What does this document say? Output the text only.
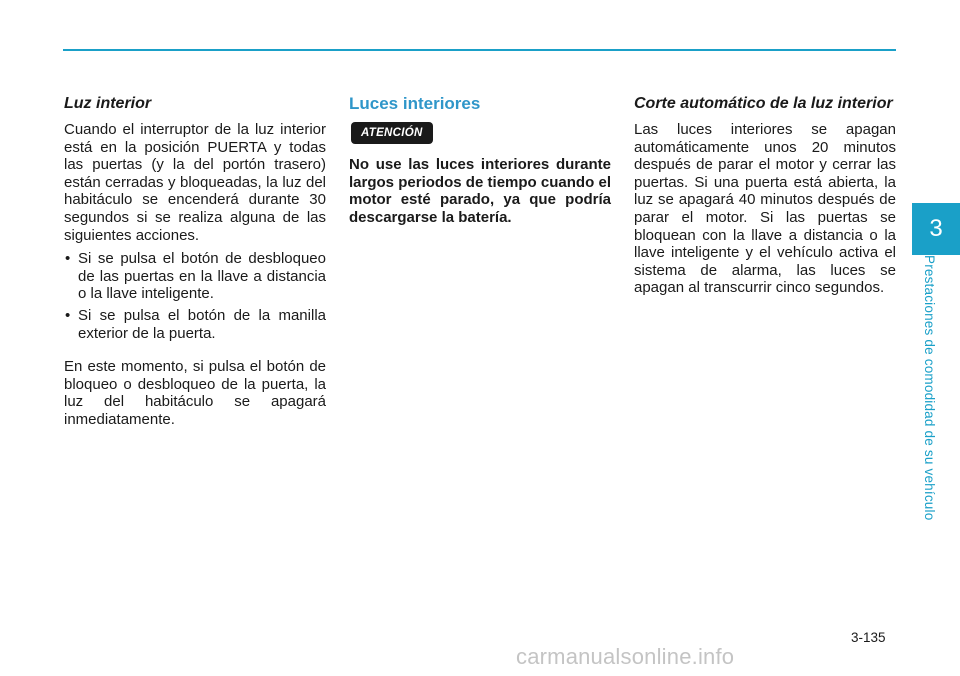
3
Prestaciones de comodidad de su vehículo
Luz interior

Cuando el interruptor de la luz interior está en la posición PUERTA y todas las puertas (y la del portón trasero) están cerradas y bloqueadas, la luz del habitáculo se encenderá durante 30 segundos si se realiza alguna de las siguientes acciones.

• Si se pulsa el botón de desbloqueo de las puertas en la llave a distancia o la llave inteligente.
• Si se pulsa el botón de la manilla exterior de la puerta.

En este momento, si pulsa el botón de bloqueo o desbloqueo de la puerta, la luz del habitáculo se apagará inmediatamente.

Luces interiores
ATENCIÓN

No use las luces interiores durante largos periodos de tiempo cuando el motor esté parado, ya que podría descargarse la batería.

Corte automático de la luz interior

Las luces interiores se apagan automáticamente unos 20 minutos después de parar el motor y cerrar las puertas. Si una puerta está abierta, la luz se apagará 40 minutos después de parar el motor. Si las puertas se bloquean con la llave a distancia o la llave inteligente y el vehículo activa el sistema de alarma, las luces se apagan al transcurrir cinco segundos.

3-135
carmanualsonline.info
